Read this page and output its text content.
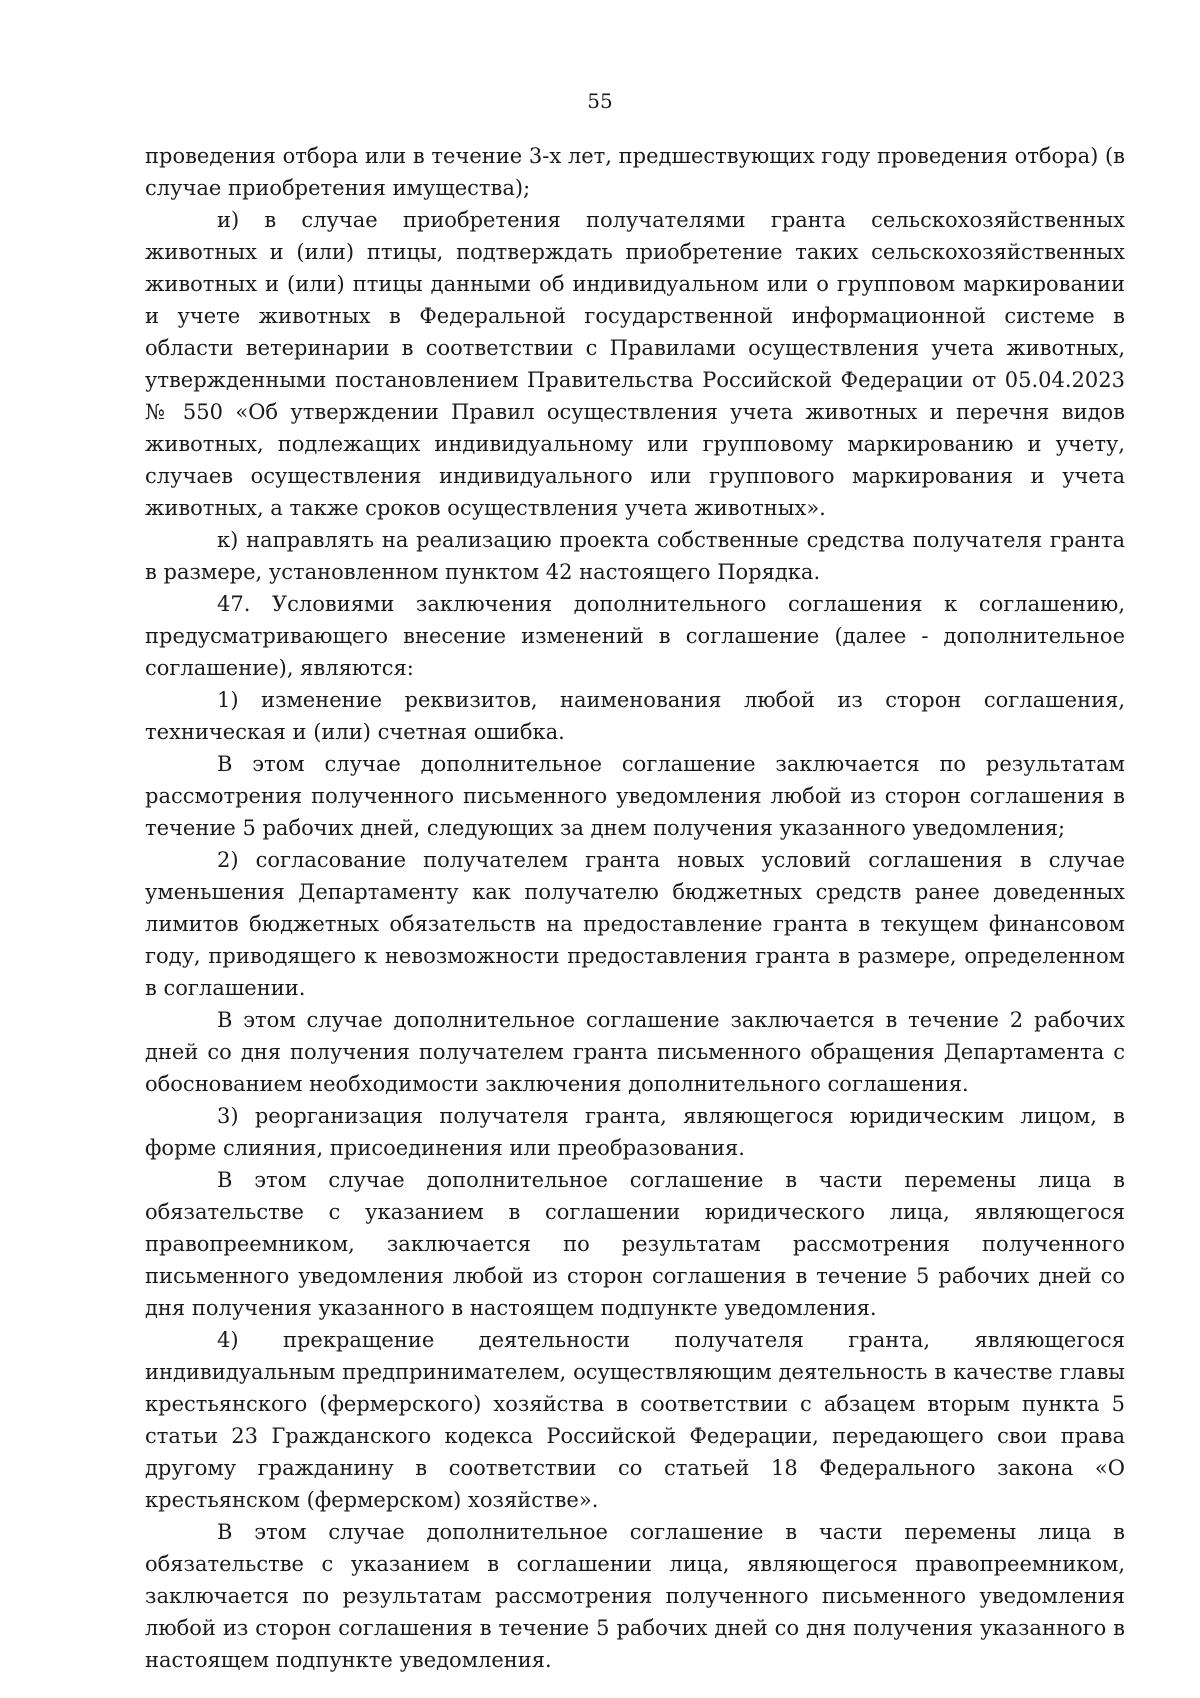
55

проведения отбора или в течение 3-х лет, предшествующих году проведения отбора) (в случае приобретения имущества);

и) в случае приобретения получателями гранта сельскохозяйственных животных и (или) птицы, подтверждать приобретение таких сельскохозяйственных животных и (или) птицы данными об индивидуальном или о групповом маркировании и учете животных в Федеральной государственной информационной системе в области ветеринарии в соответствии с Правилами осуществления учета животных, утвержденными постановлением Правительства Российской Федерации от 05.04.2023 № 550 «Об утверждении Правил осуществления учета животных и перечня видов животных, подлежащих индивидуальному или групповому маркированию и учету, случаев осуществления индивидуального или группового маркирования и учета животных, а также сроков осуществления учета животных».

к) направлять на реализацию проекта собственные средства получателя гранта в размере, установленном пунктом 42 настоящего Порядка.

47. Условиями заключения дополнительного соглашения к соглашению, предусматривающего внесение изменений в соглашение (далее - дополнительное соглашение), являются:

1) изменение реквизитов, наименования любой из сторон соглашения, техническая и (или) счетная ошибка.

В этом случае дополнительное соглашение заключается по результатам рассмотрения полученного письменного уведомления любой из сторон соглашения в течение 5 рабочих дней, следующих за днем получения указанного уведомления;

2) согласование получателем гранта новых условий соглашения в случае уменьшения Департаменту как получателю бюджетных средств ранее доведенных лимитов бюджетных обязательств на предоставление гранта в текущем финансовом году, приводящего к невозможности предоставления гранта в размере, определенном в соглашении.

В этом случае дополнительное соглашение заключается в течение 2 рабочих дней со дня получения получателем гранта письменного обращения Департамента с обоснованием необходимости заключения дополнительного соглашения.

3) реорганизация получателя гранта, являющегося юридическим лицом, в форме слияния, присоединения или преобразования.

В этом случае дополнительное соглашение в части перемены лица в обязательстве с указанием в соглашении юридического лица, являющегося правопреемником, заключается по результатам рассмотрения полученного письменного уведомления любой из сторон соглашения в течение 5 рабочих дней со дня получения указанного в настоящем подпункте уведомления.

4) прекращение деятельности получателя гранта, являющегося индивидуальным предпринимателем, осуществляющим деятельность в качестве главы крестьянского (фермерского) хозяйства в соответствии с абзацем вторым пункта 5 статьи 23 Гражданского кодекса Российской Федерации, передающего свои права другому гражданину в соответствии со статьей 18 Федерального закона «О крестьянском (фермерском) хозяйстве».

В этом случае дополнительное соглашение в части перемены лица в обязательстве с указанием в соглашении лица, являющегося правопреемником, заключается по результатам рассмотрения полученного письменного уведомления любой из сторон соглашения в течение 5 рабочих дней со дня получения указанного в настоящем подпункте уведомления.
